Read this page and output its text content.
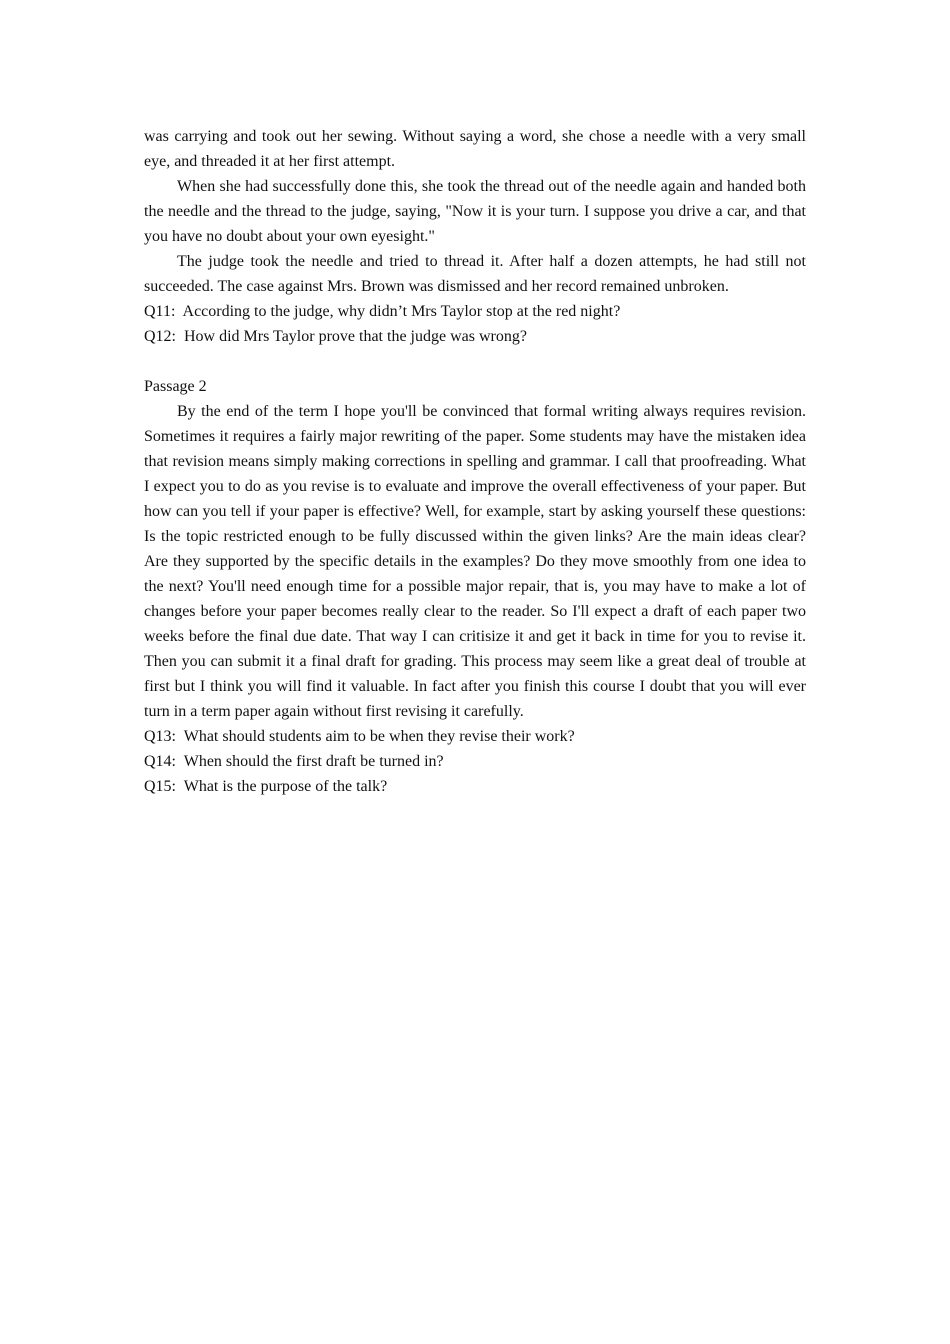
was carrying and took out her sewing. Without saying a word, she chose a needle with a very small eye, and threaded it at her first attempt.

When she had successfully done this, she took the thread out of the needle again and handed both the needle and the thread to the judge, saying, "Now it is your turn. I suppose you drive a car, and that you have no doubt about your own eyesight."

The judge took the needle and tried to thread it. After half a dozen attempts, he had still not succeeded. The case against Mrs. Brown was dismissed and her record remained unbroken.

Q11:  According to the judge, why didn’t Mrs Taylor stop at the red night?

Q12:  How did Mrs Taylor prove that the judge was wrong?

Passage 2

By the end of the term I hope you'll be convinced that formal writing always requires revision. Sometimes it requires a fairly major rewriting of the paper. Some students may have the mistaken idea that revision means simply making corrections in spelling and grammar. I call that proofreading. What I expect you to do as you revise is to evaluate and improve the overall effectiveness of your paper. But how can you tell if your paper is effective? Well, for example, start by asking yourself these questions: Is the topic restricted enough to be fully discussed within the given links? Are the main ideas clear? Are they supported by the specific details in the examples? Do they move smoothly from one idea to the next? You'll need enough time for a possible major repair, that is, you may have to make a lot of changes before your paper becomes really clear to the reader. So I'll expect a draft of each paper two weeks before the final due date. That way I can critisize it and get it back in time for you to revise it. Then you can submit it a final draft for grading. This process may seem like a great deal of trouble at first but I think you will find it valuable. In fact after you finish this course I doubt that you will ever turn in a term paper again without first revising it carefully.

Q13:  What should students aim to be when they revise their work?

Q14:  When should the first draft be turned in?

Q15:  What is the purpose of the talk?
